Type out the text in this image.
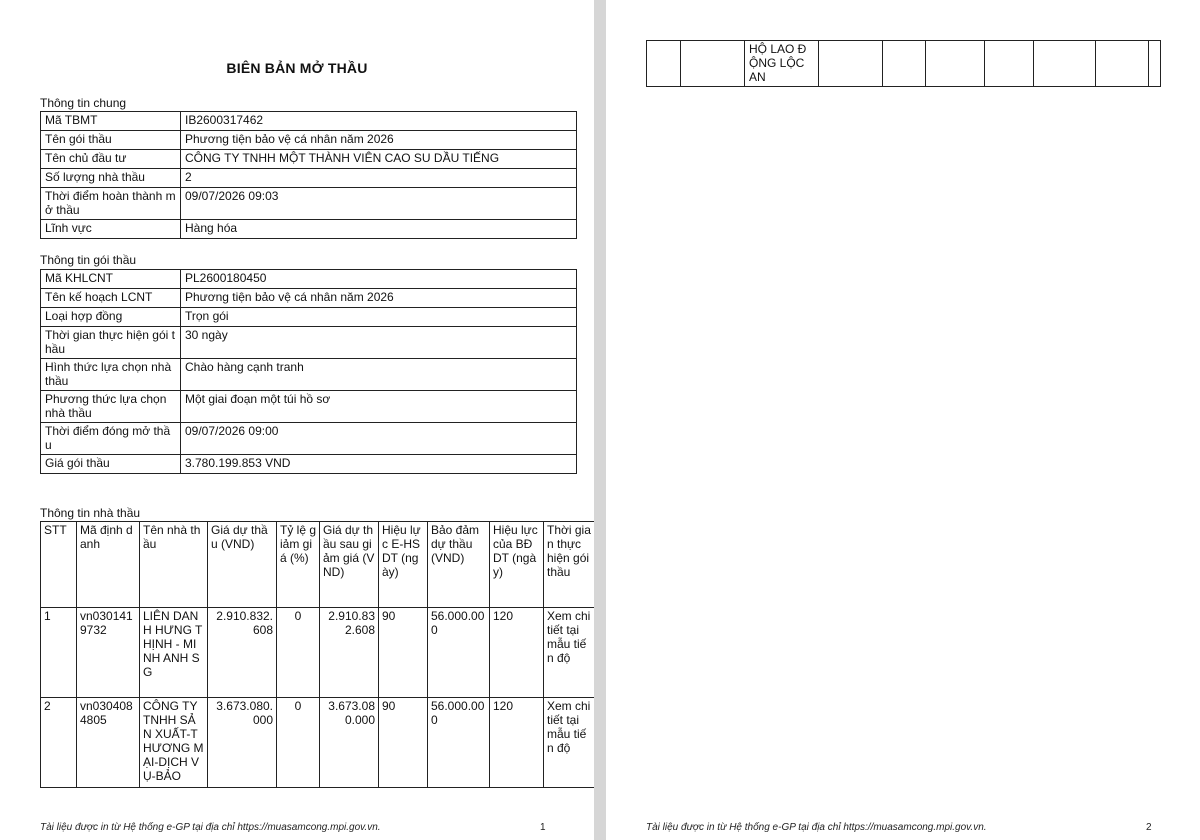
BIÊN BẢN MỞ THẦU
Thông tin chung
Mã TBMT	IB2600317462
Tên gói thầu	Phương tiện bảo vệ cá nhân năm 2026
Tên chủ đầu tư	CÔNG TY TNHH MỘT THÀNH VIÊN CAO SU DẦU TIẾNG
Số lượng nhà thầu	2
Thời điểm hoàn thành mở thầu	09/07/2026 09:03
Lĩnh vực	Hàng hóa
Thông tin gói thầu
Mã KHLCNT	PL2600180450
Tên kế hoạch LCNT	Phương tiện bảo vệ cá nhân năm 2026
Loại hợp đồng	Trọn gói
Thời gian thực hiện gói thầu	30 ngày
Hình thức lựa chọn nhà thầu	Chào hàng cạnh tranh
Phương thức lựa chọn nhà thầu	Một giai đoạn một túi hồ sơ
Thời điểm đóng mở thầu	09/07/2026 09:00
Giá gói thầu	3.780.199.853 VND
Thông tin nhà thầu
STT	Mã định danh	Tên nhà thầu	Giá dự thầu (VND)	Tỷ lệ giảm giá (%)	Giá dự thầu sau giảm giá (VND)	Hiệu lực E-HSDT (ngày)	Bảo đảm dự thầu (VND)	Hiệu lực của BĐ DT (ngày)	Thời gian thực hiện gói thầu
1	vn0301419732	LIÊN DANH HƯNG THỊNH - MINH ANH SG	2.910.832.608	0	2.910.832.608	90	56.000.000	120	Xem chi tiết tại mẫu tiến độ
2	vn0304084805	CÔNG TY TNHH SẢN XUẤT-THƯƠNG MẠI-DỊCH VỤ-BẢO	3.673.080.000	0	3.673.080.000	90	56.000.000	120	Xem chi tiết tại mẫu tiến độ
Tài liệu được in từ Hệ thống e-GP tại địa chỉ https://muasamcong.mpi.gov.vn.	1
		HỘ LAO ĐỘNG LỘC AN							
Tài liệu được in từ Hệ thống e-GP tại địa chỉ https://muasamcong.mpi.gov.vn.	2
